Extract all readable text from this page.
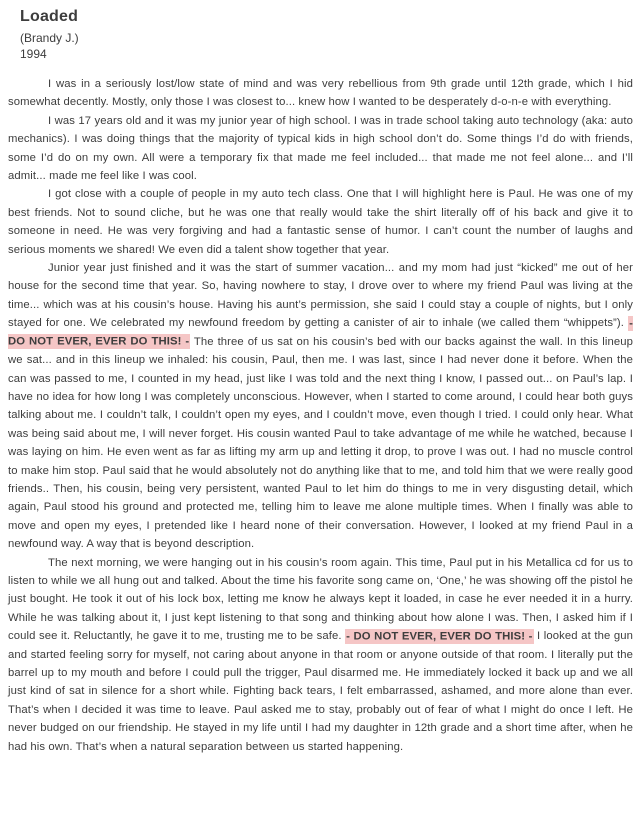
Loaded
(Brandy J.)
1994

I was in a seriously lost/low state of mind and was very rebellious from 9th grade until 12th grade, which I hid somewhat decently. Mostly, only those I was closest to... knew how I wanted to be desperately d-o-n-e with everything.

I was 17 years old and it was my junior year of high school. I was in trade school taking auto technology (aka: auto mechanics). I was doing things that the majority of typical kids in high school don’t do. Some things I’d do with friends, some I’d do on my own. All were a temporary fix that made me feel included... that made me not feel alone... and I’ll admit... made me feel like I was cool.

I got close with a couple of people in my auto tech class. One that I will highlight here is Paul. He was one of my best friends. Not to sound cliche, but he was one that really would take the shirt literally off of his back and give it to someone in need. He was very forgiving and had a fantastic sense of humor. I can’t count the number of laughs and serious moments we shared! We even did a talent show together that year.

Junior year just finished and it was the start of summer vacation... and my mom had just “kicked” me out of her house for the second time that year. So, having nowhere to stay, I drove over to where my friend Paul was living at the time... which was at his cousin’s house. Having his aunt’s permission, she said I could stay a couple of nights, but I only stayed for one. We celebrated my newfound freedom by getting a canister of air to inhale (we called them “whippets”). - DO NOT EVER, EVER DO THIS! - The three of us sat on his cousin’s bed with our backs against the wall. In this lineup we sat... and in this lineup we inhaled: his cousin, Paul, then me. I was last, since I had never done it before. When the can was passed to me, I counted in my head, just like I was told and the next thing I know, I passed out... on Paul’s lap. I have no idea for how long I was completely unconscious. However, when I started to come around, I could hear both guys talking about me. I couldn’t talk, I couldn’t open my eyes, and I couldn’t move, even though I tried. I could only hear. What was being said about me, I will never forget. His cousin wanted Paul to take advantage of me while he watched, because I was laying on him. He even went as far as lifting my arm up and letting it drop, to prove I was out. I had no muscle control to make him stop. Paul said that he would absolutely not do anything like that to me, and told him that we were really good friends.. Then, his cousin, being very persistent, wanted Paul to let him do things to me in very disgusting detail, which again, Paul stood his ground and protected me, telling him to leave me alone multiple times. When I finally was able to move and open my eyes, I pretended like I heard none of their conversation. However, I looked at my friend Paul in a newfound way. A way that is beyond description.

The next morning, we were hanging out in his cousin’s room again. This time, Paul put in his Metallica cd for us to listen to while we all hung out and talked. About the time his favorite song came on, ‘One,’ he was showing off the pistol he just bought. He took it out of his lock box, letting me know he always kept it loaded, in case he ever needed it in a hurry. While he was talking about it, I just kept listening to that song and thinking about how alone I was. Then, I asked him if I could see it. Reluctantly, he gave it to me, trusting me to be safe. - DO NOT EVER, EVER DO THIS! - I looked at the gun and started feeling sorry for myself, not caring about anyone in that room or anyone outside of that room. I literally put the barrel up to my mouth and before I could pull the trigger, Paul disarmed me. He immediately locked it back up and we all just kind of sat in silence for a short while. Fighting back tears, I felt embarrassed, ashamed, and more alone than ever. That’s when I decided it was time to leave. Paul asked me to stay, probably out of fear of what I might do once I left. He never budged on our friendship. He stayed in my life until I had my daughter in 12th grade and a short time after, when he had his own. That’s when a natural separation between us started happening.
